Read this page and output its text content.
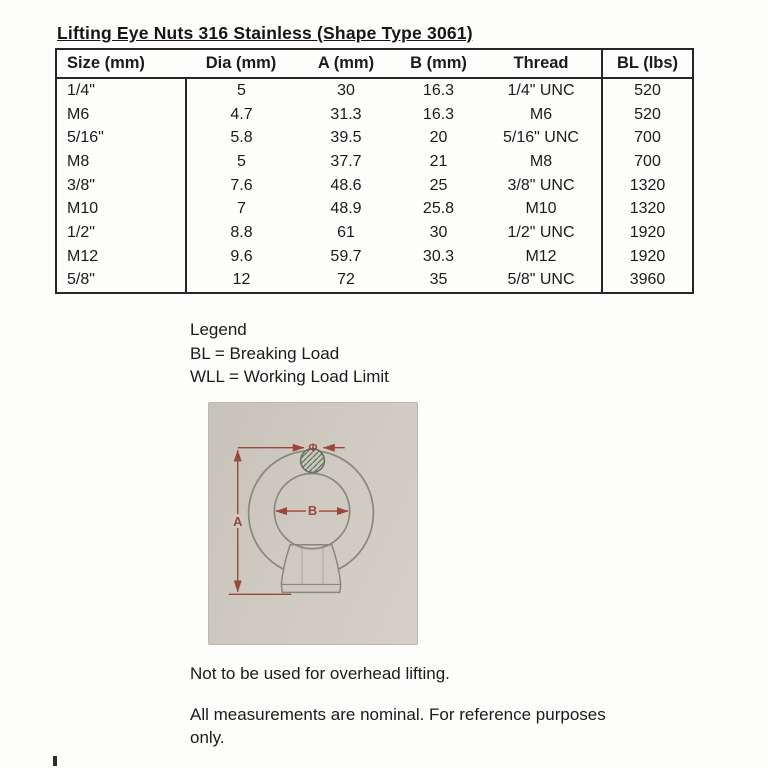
Lifting Eye Nuts 316 Stainless (Shape Type 3061)
Size (mm)	Dia (mm)	A (mm)	B (mm)	Thread	BL (lbs)
1/4"	5	30	16.3	1/4" UNC	520
M6	4.7	31.3	16.3	M6	520
5/16"	5.8	39.5	20	5/16" UNC	700
M8	5	37.7	21	M8	700
3/8"	7.6	48.6	25	3/8" UNC	1320
M10	7	48.9	25.8	M10	1320
1/2"	8.8	61	30	1/2" UNC	1920
M12	9.6	59.7	30.3	M12	1920
5/8"	12	72	35	5/8" UNC	3960
Legend
BL = Breaking Load
WLL = Working Load Limit
A
B
Φ
Not to be used for overhead lifting.
All measurements are nominal. For reference purposes only.
